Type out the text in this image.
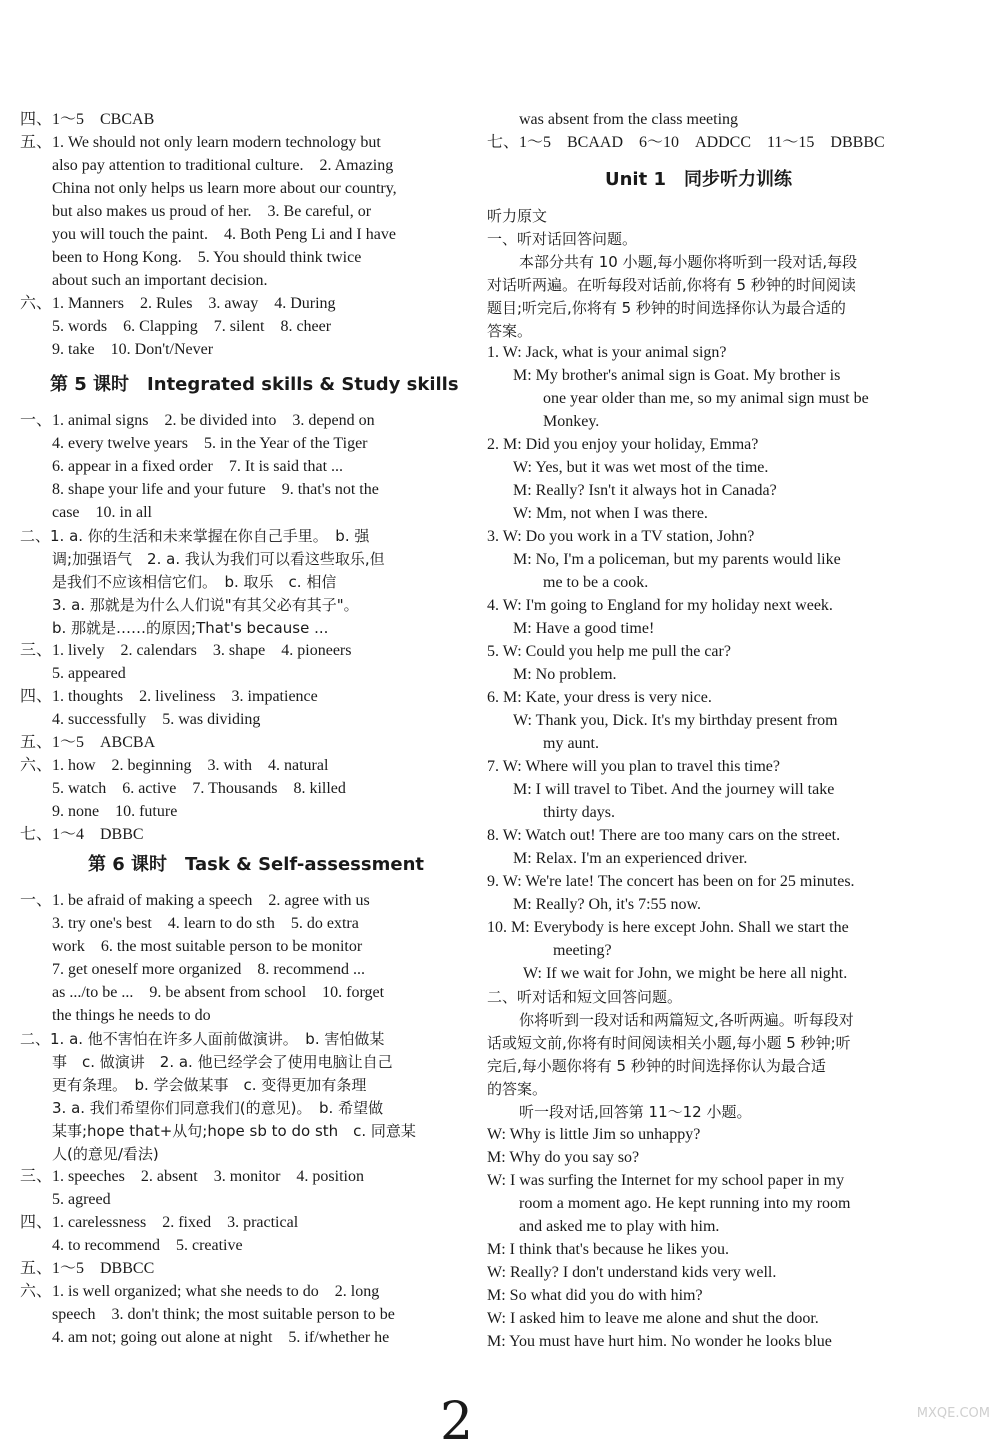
四、1～5　CBCAB
五、1. We should not only learn modern technology but
also pay attention to traditional culture.　2. Amazing
China not only helps us learn more about our country,
but also makes us proud of her.　3. Be careful, or
you will touch the paint.　4. Both Peng Li and I have
been to Hong Kong.　5. You should think twice
about such an important decision.
六、1. Manners　2. Rules　3. away　4. During
5. words　6. Clapping　7. silent　8. cheer
9. take　10. Don't/Never
第 5 课时　Integrated skills & Study skills
一、1. animal signs　2. be divided into　3. depend on
4. every twelve years　5. in the Year of the Tiger
6. appear in a fixed order　7. It is said that ...
8. shape your life and your future　9. that's not the
case　10. in all
二、1. a. 你的生活和未来掌握在你自己手里。　b. 强
调;加强语气　2. a. 我认为我们可以看这些取乐,但
是我们不应该相信它们。　b. 取乐　c. 相信
3. a. 那就是为什么人们说"有其父必有其子"。
b. 那就是……的原因;That's because ...
三、1. lively　2. calendars　3. shape　4. pioneers
5. appeared
四、1. thoughts　2. liveliness　3. impatience
4. successfully　5. was dividing
五、1～5　ABCBA
六、1. how　2. beginning　3. with　4. natural
5. watch　6. active　7. Thousands　8. killed
9. none　10. future
七、1～4　DBBC
第 6 课时　Task & Self-assessment
一、1. be afraid of making a speech　2. agree with us
3. try one's best　4. learn to do sth　5. do extra
work　6. the most suitable person to be monitor
7. get oneself more organized　8. recommend ...
as .../to be ...　9. be absent from school　10. forget
the things he needs to do
二、1. a. 他不害怕在许多人面前做演讲。　b. 害怕做某
事　c. 做演讲　2. a. 他已经学会了使用电脑让自己
更有条理。　b. 学会做某事　c. 变得更加有条理
3. a. 我们希望你们同意我们(的意见)。　b. 希望做
某事;hope that+从句;hope sb to do sth　c. 同意某
人(的意见/看法)
三、1. speeches　2. absent　3. monitor　4. position
5. agreed
四、1. carelessness　2. fixed　3. practical
4. to recommend　5. creative
五、1～5　DBBCC
六、1. is well organized; what she needs to do　2. long
speech　3. don't think; the most suitable person to be
4. am not; going out alone at night　5. if/whether he
was absent from the class meeting
七、1～5　BCAAD　6～10　ADDCC　11～15　DBBBC
Unit 1　同步听力训练
听力原文
一、听对话回答问题。
本部分共有 10 小题,每小题你将听到一段对话,每段
对话听两遍。在听每段对话前,你将有 5 秒钟的时间阅读
题目;听完后,你将有 5 秒钟的时间选择你认为最合适的
答案。
1. W: Jack, what is your animal sign?
M: My brother's animal sign is Goat. My brother is
one year older than me, so my animal sign must be
Monkey.
2. M: Did you enjoy your holiday, Emma?
W: Yes, but it was wet most of the time.
M: Really? Isn't it always hot in Canada?
W: Mm, not when I was there.
3. W: Do you work in a TV station, John?
M: No, I'm a policeman, but my parents would like
me to be a cook.
4. W: I'm going to England for my holiday next week.
M: Have a good time!
5. W: Could you help me pull the car?
M: No problem.
6. M: Kate, your dress is very nice.
W: Thank you, Dick. It's my birthday present from
my aunt.
7. W: Where will you plan to travel this time?
M: I will travel to Tibet. And the journey will take
thirty days.
8. W: Watch out! There are too many cars on the street.
M: Relax. I'm an experienced driver.
9. W: We're late! The concert has been on for 25 minutes.
M: Really? Oh, it's 7:55 now.
10. M: Everybody is here except John. Shall we start the
meeting?
W: If we wait for John, we might be here all night.
二、听对话和短文回答问题。
你将听到一段对话和两篇短文,各听两遍。听每段对
话或短文前,你将有时间阅读相关小题,每小题 5 秒钟;听
完后,每小题你将有 5 秒钟的时间选择你认为最合适
的答案。
听一段对话,回答第 11～12 小题。
W: Why is little Jim so unhappy?
M: Why do you say so?
W: I was surfing the Internet for my school paper in my
room a moment ago. He kept running into my room
and asked me to play with him.
M: I think that's because he likes you.
W: Really? I don't understand kids very well.
M: So what did you do with him?
W: I asked him to leave me alone and shut the door.
M: You must have hurt him. No wonder he looks blue
2	MXQE.COM
